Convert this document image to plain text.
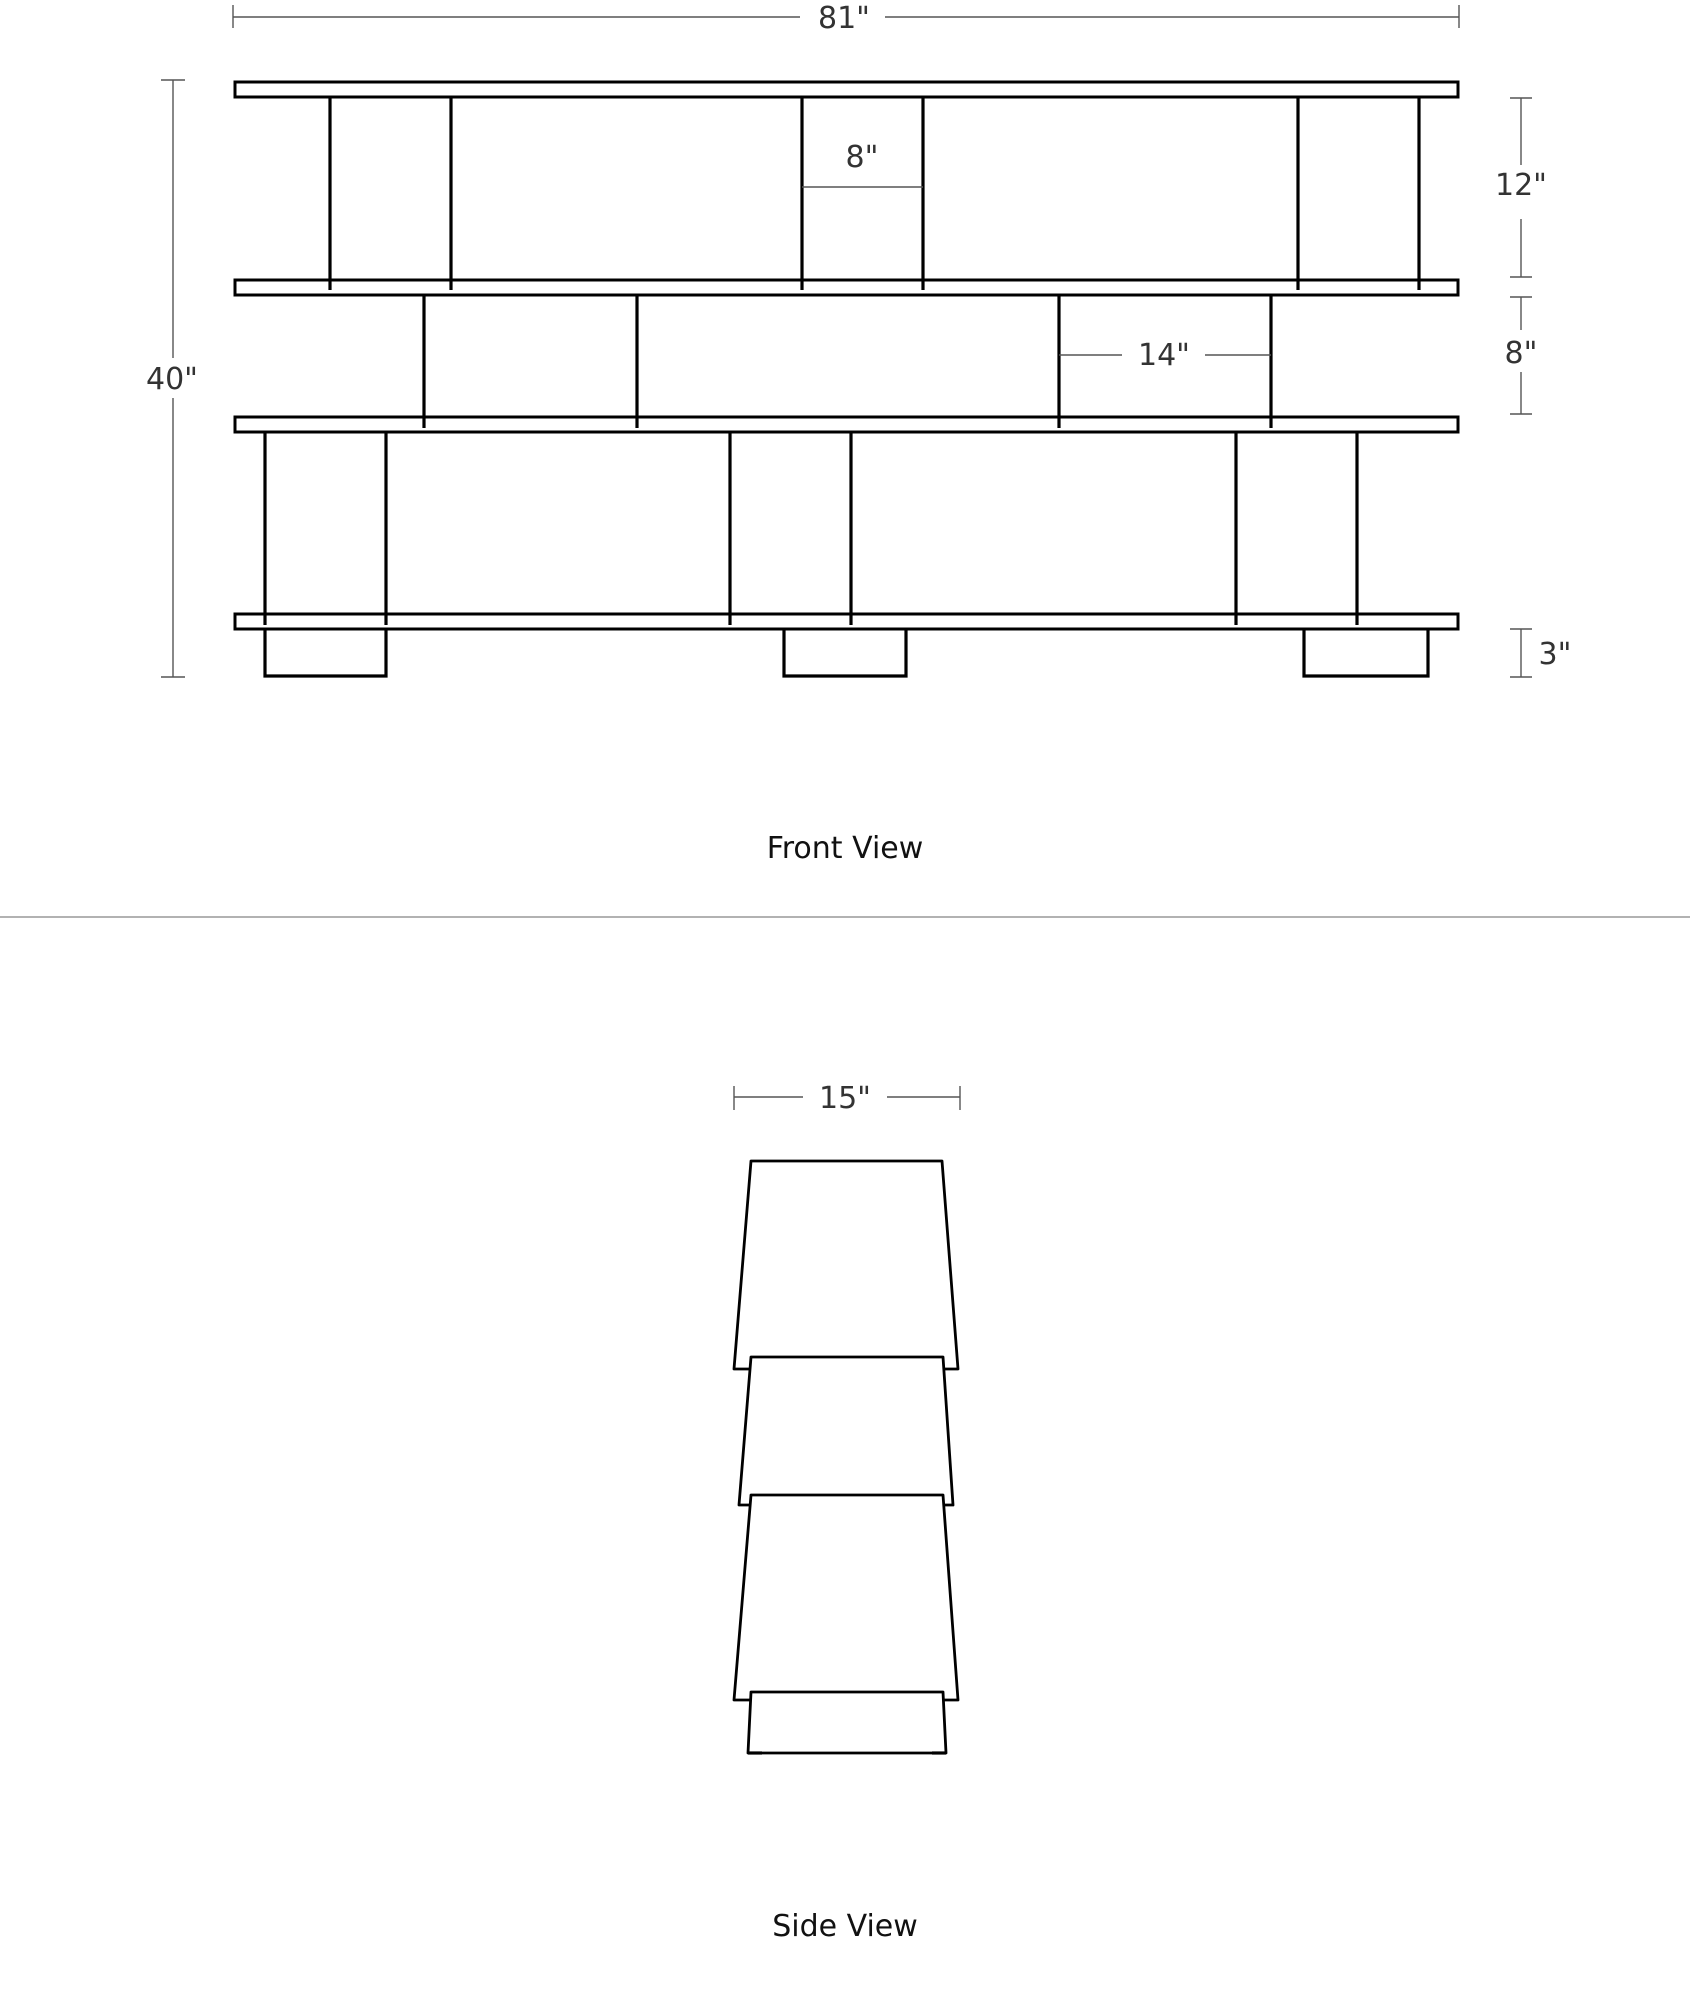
81"
40"
12"
8"
3"
8"
14"
Front View
15"
Side View
